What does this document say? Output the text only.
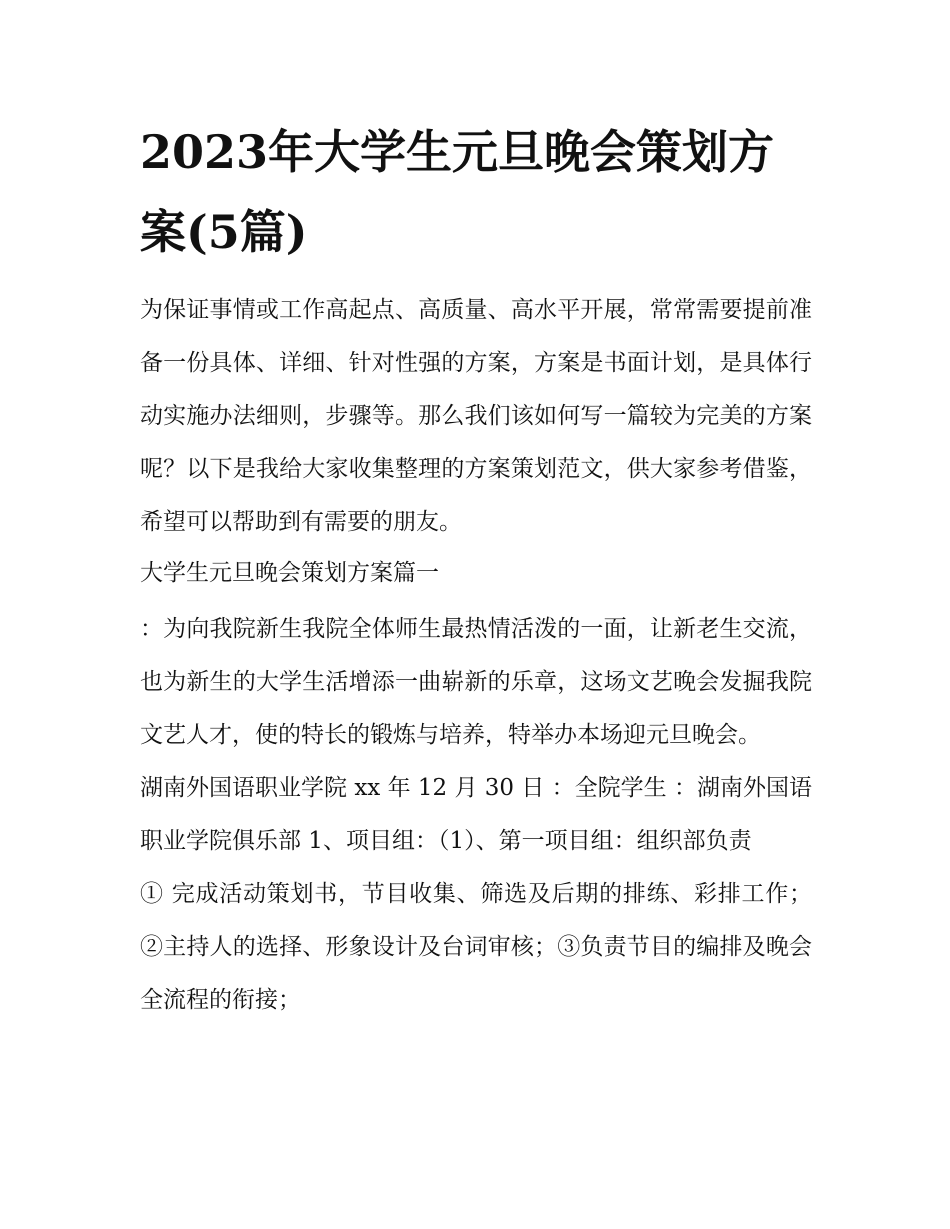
2023年大学生元旦晚会策划方案(5篇)

为保证事情或工作高起点、高质量、高水平开展，常常需要提前准备一份具体、详细、针对性强的方案，方案是书面计划，是具体行动实施办法细则，步骤等。那么我们该如何写一篇较为完美的方案呢？以下是我给大家收集整理的方案策划范文，供大家参考借鉴，希望可以帮助到有需要的朋友。

大学生元旦晚会策划方案篇一

：为向我院新生我院全体师生最热情活泼的一面，让新老生交流，也为新生的大学生活增添一曲崭新的乐章，这场文艺晚会发掘我院文艺人才，使的特长的锻炼与培养，特举办本场迎元旦晚会。

湖南外国语职业学院 xx 年 12 月 30 日 ：全院学生 ：湖南外国语职业学院俱乐部 1、项目组：（1）、第一项目组：组织部负责

① 完成活动策划书，节目收集、筛选及后期的排练、彩排工作；②主持人的选择、形象设计及台词审核；③负责节目的编排及晚会全流程的衔接；
